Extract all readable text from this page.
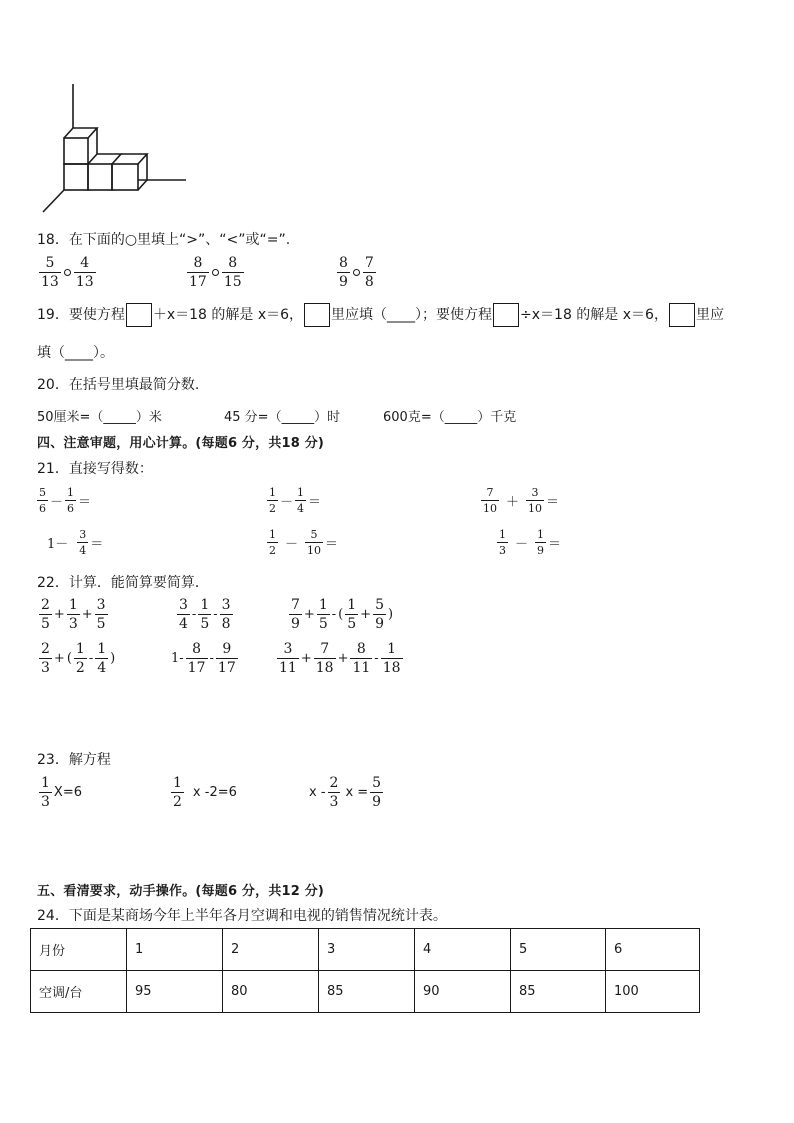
18．在下面的○里填上“>”、“<”或“=”.
$\frac{5}{13} \frac{4}{13}$	$\frac{8}{17} \frac{8}{15}$	$\frac{8}{9} \frac{7}{8}$
19．要使方程 ＋x＝18 的解是 x＝6， 里应填（____）；要使方程 ÷x＝18 的解是 x＝6， 里应
填（____）。
20．在括号里填最简分数.
50厘米=（_____）米	45 分=（_____）时	600克=（_____）千克
四、注意审题，用心计算。(每题6 分，共18 分)
21．直接写得数：
$\frac{5}{6} - \frac{1}{6}$ ＝	$\frac{1}{2} - \frac{1}{4}$ ＝	$\frac{7}{10} + \frac{3}{10}$ ＝
$1- \frac{3}{4}$ ＝	$\frac{1}{2} - \frac{5}{10}$ ＝	$\frac{1}{3} - \frac{1}{9}$ ＝
22．计算．能简算要简算．
$\frac{2}{5} + \frac{1}{3} + \frac{3}{5}$	$\frac{3}{4} - \frac{1}{5} - \frac{3}{8}$	$\frac{7}{9} + \frac{1}{5}$ - ( $\frac{1}{5} + \frac{5}{9}$ )
$\frac{2}{3}$ + ( $\frac{1}{2} - \frac{1}{4}$ )	$1- \frac{8}{17} - \frac{9}{17}$	$\frac{3}{11} + \frac{7}{18} + \frac{8}{11} - \frac{1}{18}$
23．解方程
$\frac{1}{3} X=6$	$\frac{1}{2}$ x -2=6	x - $\frac{2}{3}$ $x = \frac{5}{9}$
五、看清要求，动手操作。(每题6 分，共12 分)
24．下面是某商场今年上半年各月空调和电视的销售情况统计表。
月份	1	2	3	4	5	6
空调/台	95	80	85	90	85	100
